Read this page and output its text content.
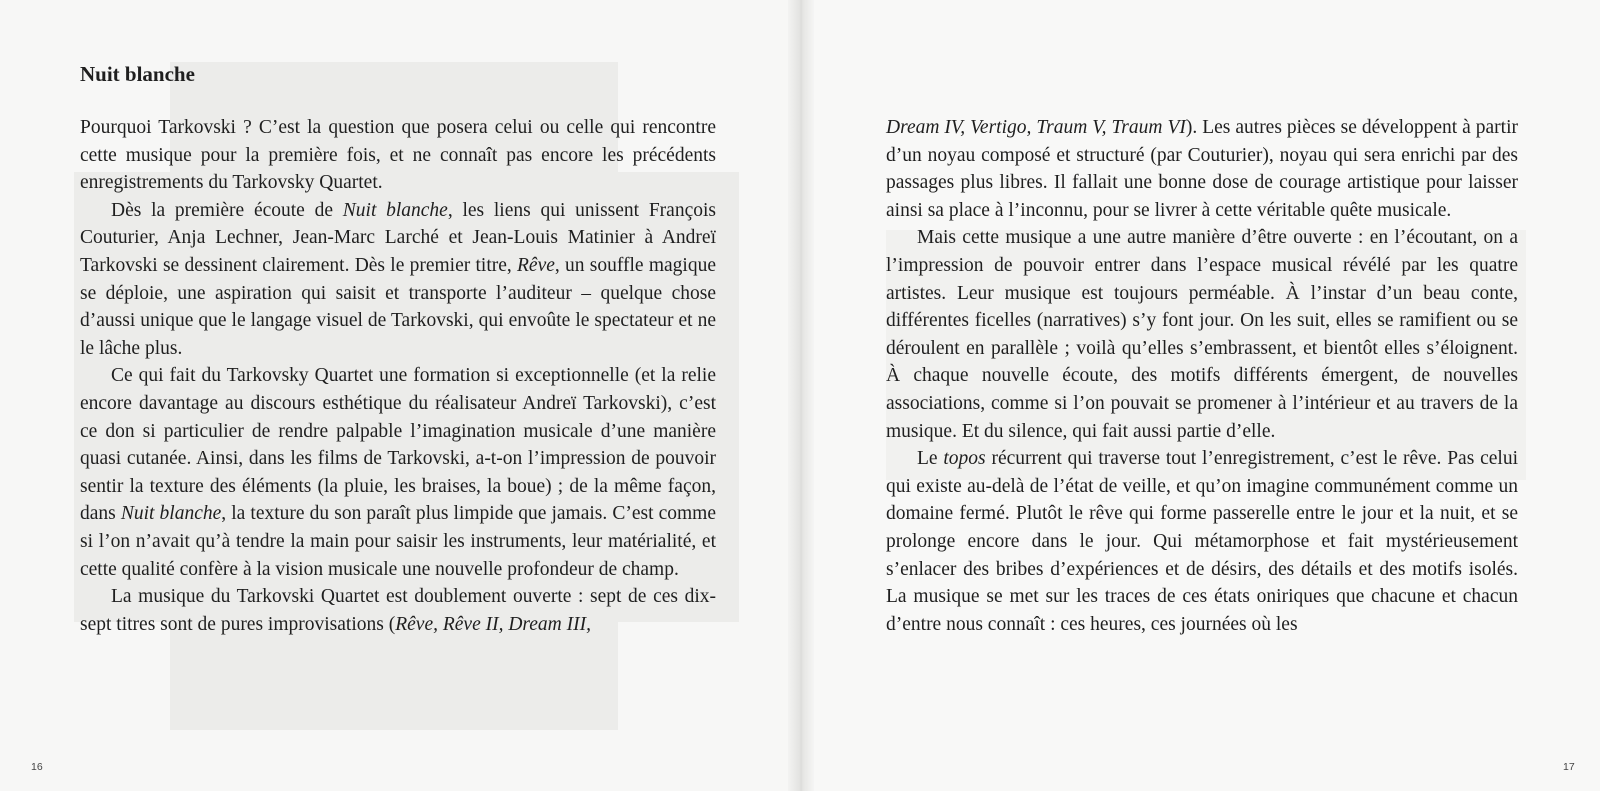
Nuit blanche

Pourquoi Tarkovski ? C’est la question que posera celui ou celle qui rencontre cette musique pour la première fois, et ne connaît pas encore les précédents enregistrements du Tarkovsky Quartet.

Dès la première écoute de Nuit blanche, les liens qui unissent François Couturier, Anja Lechner, Jean-Marc Larché et Jean-Louis Matinier à Andreï Tarkovski se dessinent clairement. Dès le premier titre, Rêve, un souffle magique se déploie, une aspiration qui saisit et transporte l’auditeur – quelque chose d’aussi unique que le langage visuel de Tarkovski, qui envoûte le spectateur et ne le lâche plus.

Ce qui fait du Tarkovsky Quartet une formation si exceptionnelle (et la relie encore davantage au discours esthétique du réalisateur Andreï Tarkovski), c’est ce don si particulier de rendre palpable l’imagination musicale d’une manière quasi cutanée. Ainsi, dans les films de Tarkovski, a-t-on l’impression de pouvoir sentir la texture des éléments (la pluie, les braises, la boue) ; de la même façon, dans Nuit blanche, la texture du son paraît plus limpide que jamais. C’est comme si l’on n’avait qu’à tendre la main pour saisir les instruments, leur matérialité, et cette qualité confère à la vision musicale une nouvelle profondeur de champ.

La musique du Tarkovski Quartet est doublement ouverte : sept de ces dix-sept titres sont de pures improvisations (Rêve, Rêve II, Dream III,

16

Dream IV, Vertigo, Traum V, Traum VI). Les autres pièces se développent à partir d’un noyau composé et structuré (par Couturier), noyau qui sera enrichi par des passages plus libres. Il fallait une bonne dose de courage artistique pour laisser ainsi sa place à l’inconnu, pour se livrer à cette véritable quête musicale.

Mais cette musique a une autre manière d’être ouverte : en l’écoutant, on a l’impression de pouvoir entrer dans l’espace musical révélé par les quatre artistes. Leur musique est toujours perméable. À l’instar d’un beau conte, différentes ficelles (narratives) s’y font jour. On les suit, elles se ramifient ou se déroulent en parallèle ; voilà qu’elles s’embrassent, et bientôt elles s’éloignent. À chaque nouvelle écoute, des motifs différents émergent, de nouvelles associations, comme si l’on pouvait se promener à l’intérieur et au travers de la musique. Et du silence, qui fait aussi partie d’elle.

Le topos récurrent qui traverse tout l’enregistrement, c’est le rêve. Pas celui qui existe au-delà de l’état de veille, et qu’on imagine communément comme un domaine fermé. Plutôt le rêve qui forme passerelle entre le jour et la nuit, et se prolonge encore dans le jour. Qui métamorphose et fait mystérieusement s’enlacer des bribes d’expériences et de désirs, des détails et des motifs isolés. La musique se met sur les traces de ces états oniriques que chacune et chacun d’entre nous connaît : ces heures, ces journées où les

17
